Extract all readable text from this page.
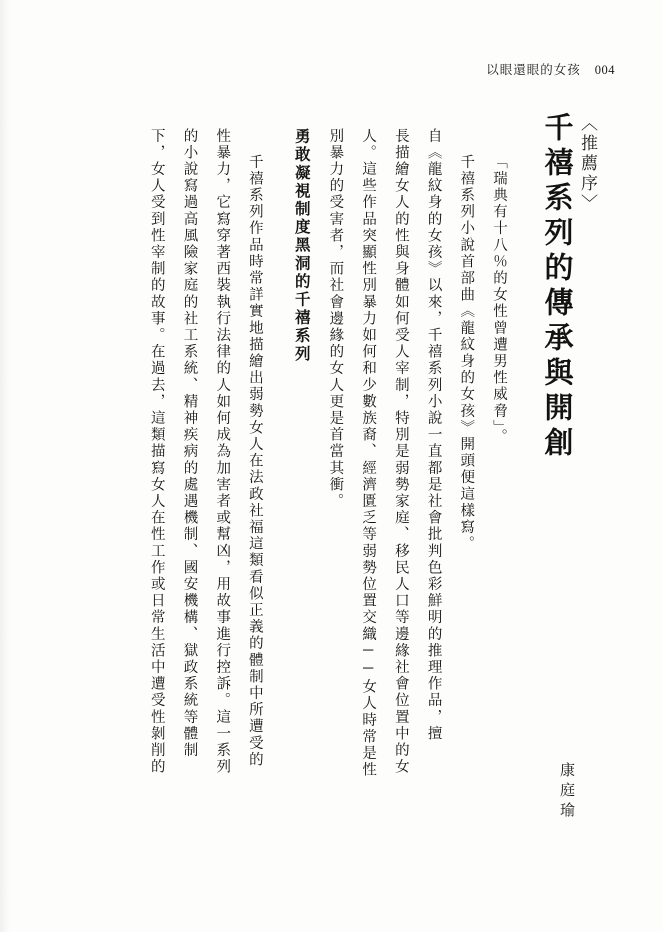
以眼還眼的女孩 004
千禧系列的傳承與開創 〈推薦序〉
康庭瑜
下，女人受到性宰制的故事。在過去，這類描寫女人在性工作或日常生活中遭受性剝削的	的小說寫過高風險家庭的社工系統、精神疾病的處遇機制、國安機構、獄政系統等體制	性暴力，它寫穿著西裝執行法律的人如何成為加害者或幫凶，用故事進行控訴。這一系列	千禧系列作品時常詳實地描繪出弱勢女人在法政社福這類看似正義的體制中所遭受的	勇敢凝視制度黑洞的千禧系列	別暴力的受害者，而社會邊緣的女人更是首當其衝。	人。這些作品突顯性別暴力如何和少數族裔、經濟匱乏等弱勢位置交織──女人時常是性	長描繪女人的性與身體如何受人宰制，特別是弱勢家庭、移民人口等邊緣社會位置中的女	自《龍紋身的女孩》以來，千禧系列小說一直都是社會批判色彩鮮明的推理作品，擅	千禧系列小說首部曲《龍紋身的女孩》開頭便這樣寫。	「瑞典有十八％的女性曾遭男性威脅」。
